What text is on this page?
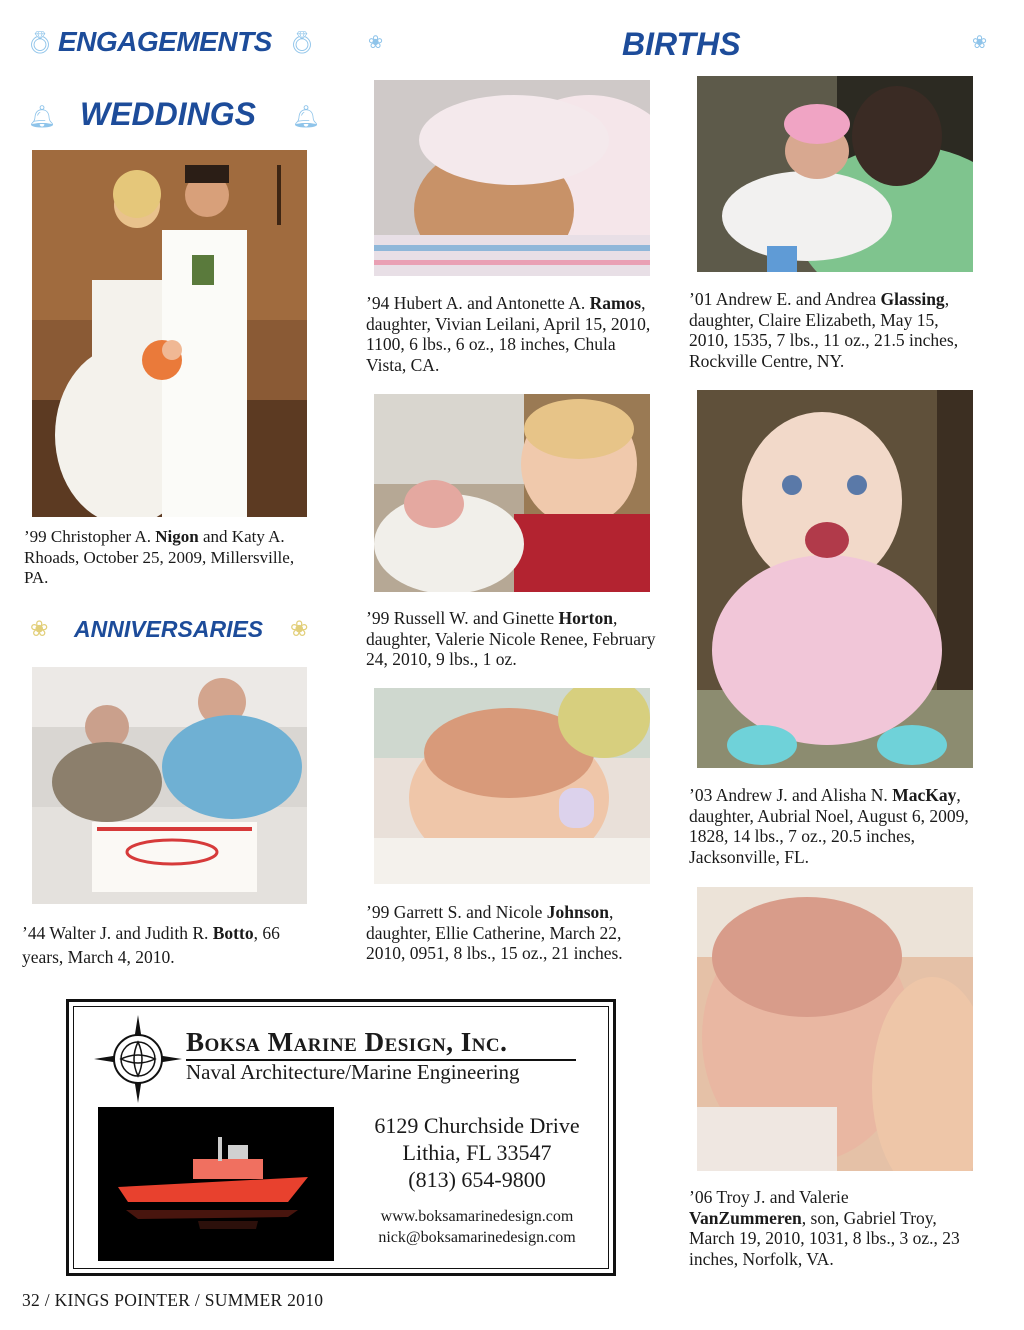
💍︎ ENGAGEMENTS 💍︎	❀	BIRTHS	❀
🔔︎ WEDDINGS 🔔︎
❀ ANNIVERSARIES ❀
’99 Christopher A. Nigon and Katy A. Rhoads, October 25, 2009, Millersville, PA.
’44 Walter J. and Judith R. Botto, 66 years, March 4, 2010.
’94 Hubert A. and Antonette A. Ramos, daughter, Vivian Leilani, April 15, 2010, 1100, 6 lbs., 6 oz., 18 inches, Chula Vista, CA.
’01 Andrew E. and Andrea Glassing, daughter, Claire Elizabeth, May 15, 2010, 1535, 7 lbs., 11 oz., 21.5 inches, Rockville Centre, NY.
’99 Russell W. and Ginette Horton, daughter, Valerie Nicole Renee, February 24, 2010, 9 lbs., 1 oz.
’03 Andrew J. and Alisha N. MacKay, daughter, Aubrial Noel, August 6, 2009, 1828, 14 lbs., 7 oz., 20.5 inches, Jacksonville, FL.
’99 Garrett S. and Nicole Johnson, daughter, Ellie Catherine, March 22, 2010, 0951, 8 lbs., 15 oz., 21 inches.
’06 Troy J. and Valerie VanZummeren, son, Gabriel Troy, March 19, 2010, 1031, 8 lbs., 3 oz., 23 inches, Norfolk, VA.
Boksa Marine Design, Inc.
Naval Architecture/Marine Engineering
6129 Churchside Drive
Lithia, FL 33547
(813) 654-9800
www.boksamarinedesign.com
nick@boksamarinedesign.com
32 / KINGS POINTER / SUMMER 2010
